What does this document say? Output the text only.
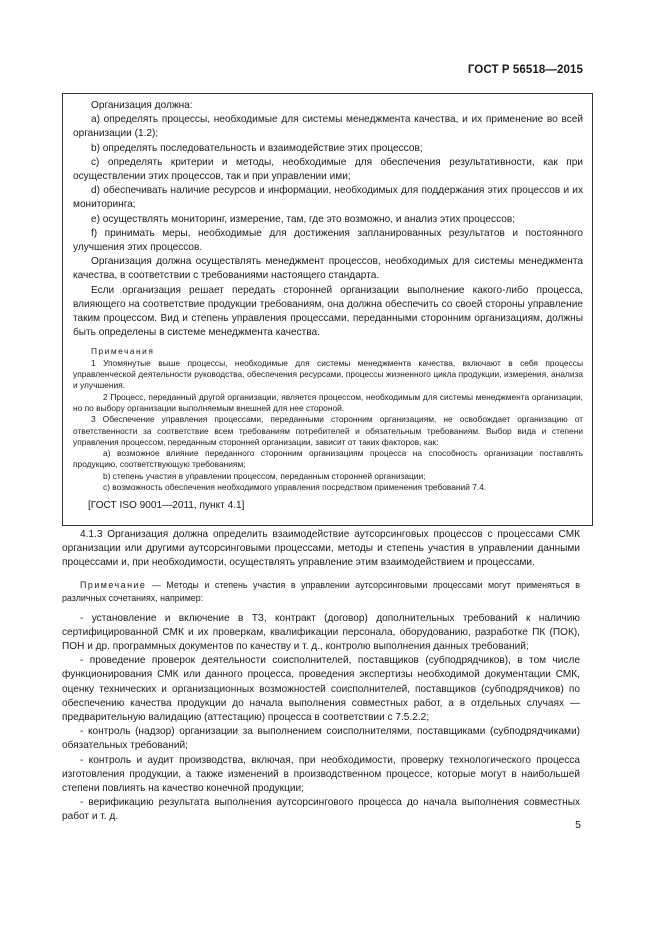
ГОСТ Р 56518—2015

Организация должна:

а) определять процессы, необходимые для системы менеджмента качества, и их применение во всей организации (1.2);

b) определять последовательность и взаимодействие этих процессов;

с) определять критерии и методы, необходимые для обеспечения результативности, как при осуществлении этих процессов, так и при управлении ими;

d) обеспечивать наличие ресурсов и информации, необходимых для поддержания этих процессов и их мониторинга;

е) осуществлять мониторинг, измерение, там, где это возможно, и анализ этих процессов;

f) принимать меры, необходимые для достижения запланированных результатов и постоянного улучшения этих процессов.

Организация должна осуществлять менеджмент процессов, необходимых для системы менеджмента качества, в соответствии с требованиями настоящего стандарта.

Если организация решает передать сторонней организации выполнение какого-либо процесса, влияющего на соответствие продукции требованиям, она должна обеспечить со своей стороны управление таким процессом. Вид и степень управления процессами, переданными сторонним организациям, должны быть определены в системе менеджмента качества.

Примечания

1 Упомянутые выше процессы, необходимые для системы менеджмента качества, включают в себя процессы управленческой деятельности руководства, обеспечения ресурсами, процессы жизненного цикла продукции, измерения, анализа и улучшения.

2 Процесс, переданный другой организации, является процессом, необходимым для системы менеджмента организации, но по выбору организации выполняемым внешней для нее стороной.

3 Обеспечение управления процессами, переданными сторонним организациям, не освобождает организацию от ответственности за соответствие всем требованиям потребителей и обязательным требованиям. Выбор вида и степени управления процессом, переданным сторонней организации, зависит от таких факторов, как:

а) возможное влияние переданного сторонним организациям процесса на способность организации поставлять продукцию, соответствующую требованиям;

b) степень участия в управлении процессом, переданным сторонней организации;

с) возможность обеспечения необходимого управления посредством применения требований 7.4.

[ГОСТ ISO 9001—2011, пункт 4.1]

4.1.3 Организация должна определить взаимодействие аутсорсинговых процессов с процессами СМК организации или другими аутсорсинговыми процессами, методы и степень участия в управлении данными процессами и, при необходимости, осуществлять управление этим взаимодействием и процессами.

Примечание — Методы и степень участия в управлении аутсорсинговыми процессами могут применяться в различных сочетаниях, например:

- установление и включение в ТЗ, контракт (договор) дополнительных требований к наличию сертифицированной СМК и их проверкам, квалификации персонала, оборудованию, разработке ПК (ПОК), ПОН и др. программных документов по качеству и т. д., контролю выполнения данных требований;

- проведение проверок деятельности соисполнителей, поставщиков (субподрядчиков), в том числе функционирования СМК или данного процесса, проведения экспертизы необходимой документации СМК, оценку технических и организационных возможностей соисполнителей, поставщиков (субподрядчиков) по обеспечению качества продукции до начала выполнения совместных работ, а в отдельных случаях — предварительную валидацию (аттестацию) процесса в соответствии с 7.5.2.2;

- контроль (надзор) организации за выполнением соисполнителями, поставщиками (субподрядчиками) обязательных требований;

- контроль и аудит производства, включая, при необходимости, проверку технологического процесса изготовления продукции, а также изменений в производственном процессе, которые могут в наибольшей степени повлиять на качество конечной продукции;

- верификацию результата выполнения аутсорсингового процесса до начала выполнения совместных работ и т. д.

5
